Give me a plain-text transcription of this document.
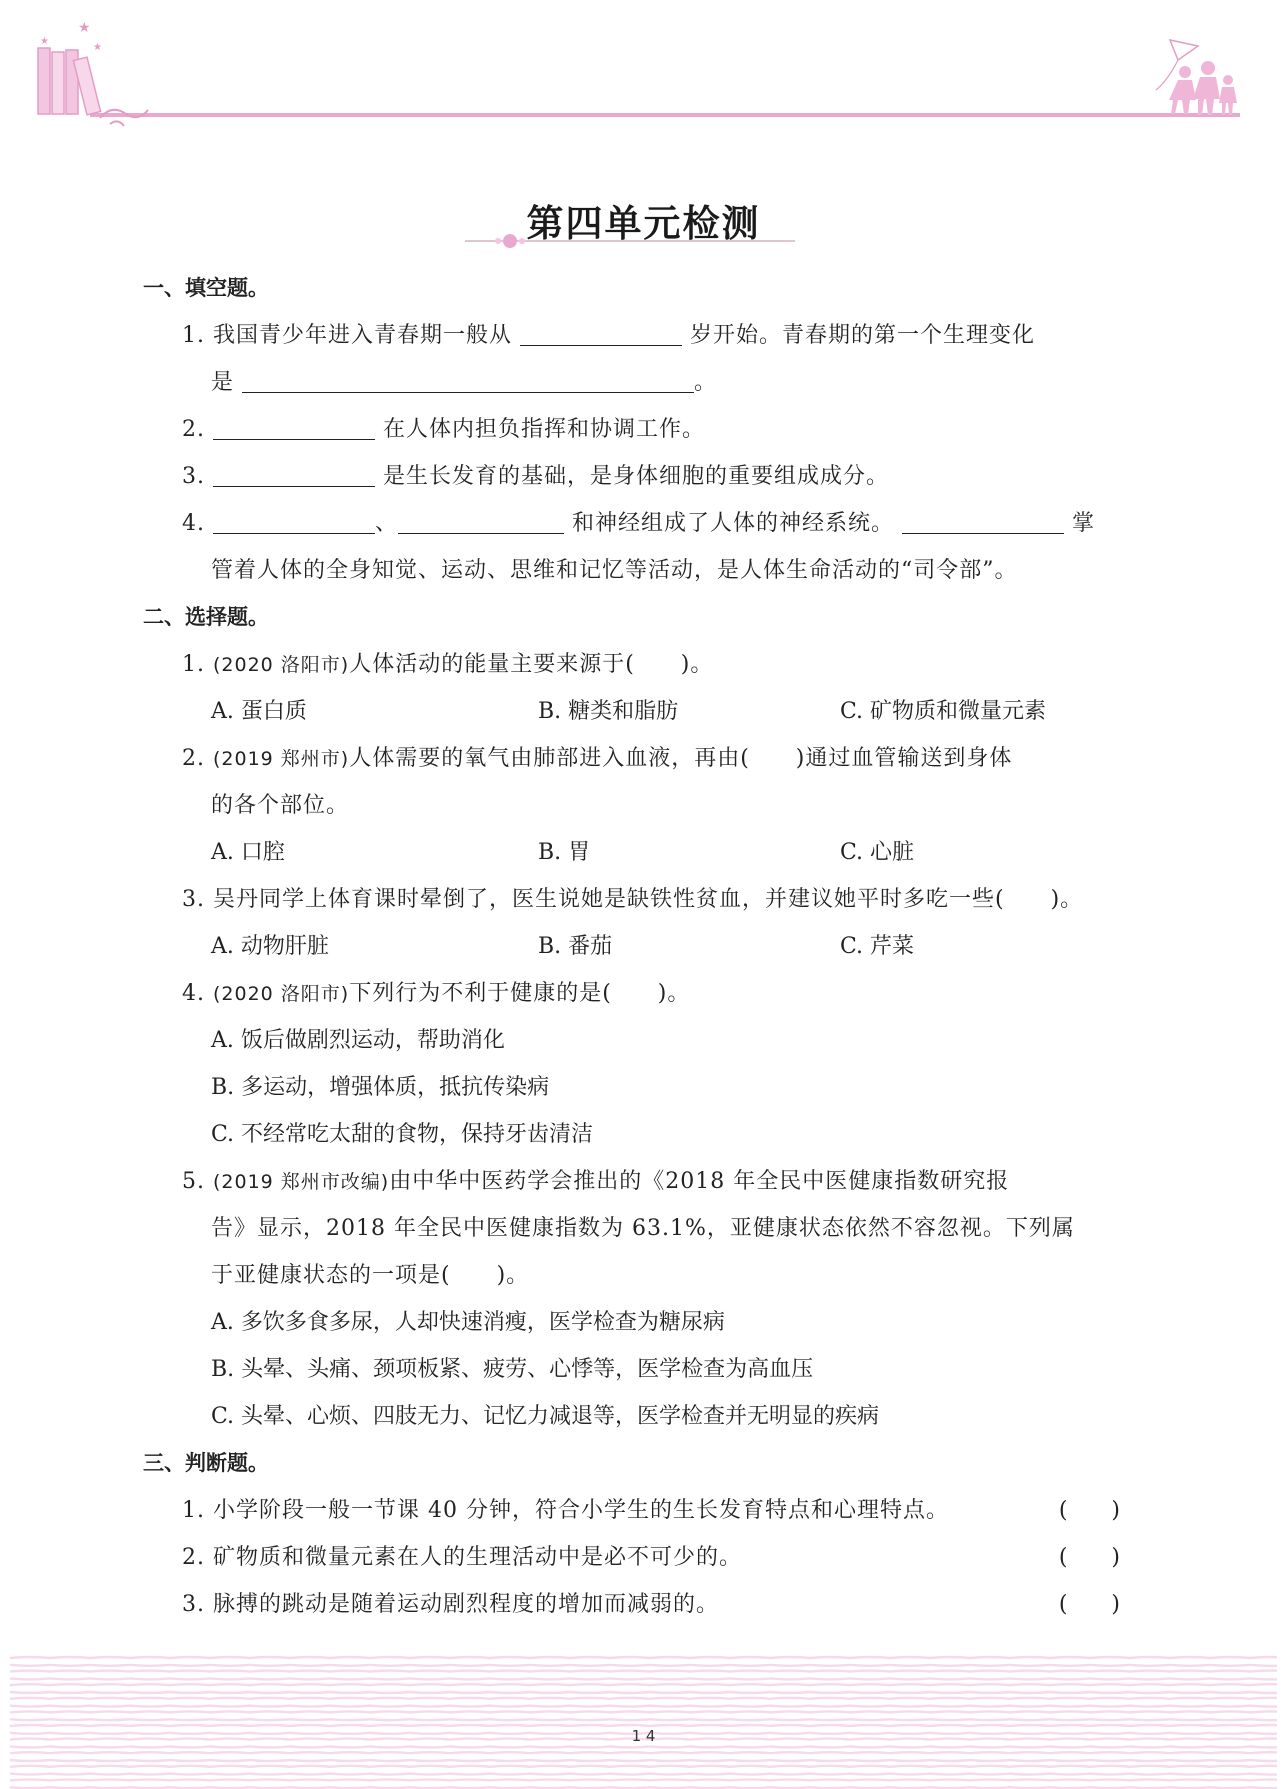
★
★
★
第四单元检测
一、填空题。
1. 我国青少年进入青春期一般从	岁开始。青春期的第一个生理变化
是	。
2.	在人体内担负指挥和协调工作。
3.	是生长发育的基础，是身体细胞的重要组成成分。
4.	、	和神经组成了人体的神经系统。	掌
管着人体的全身知觉、运动、思维和记忆等活动，是人体生命活动的“司令部”。
二、选择题。
1. (2020 洛阳市)人体活动的能量主要来源于(　　)。
A. 蛋白质	B. 糖类和脂肪	C. 矿物质和微量元素
2. (2019 郑州市)人体需要的氧气由肺部进入血液，再由(　　)通过血管输送到身体
的各个部位。
A. 口腔	B. 胃	C. 心脏
3. 吴丹同学上体育课时晕倒了，医生说她是缺铁性贫血，并建议她平时多吃一些(　　)。
A. 动物肝脏	B. 番茄	C. 芹菜
4. (2020 洛阳市)下列行为不利于健康的是(　　)。
A. 饭后做剧烈运动，帮助消化
B. 多运动，增强体质，抵抗传染病
C. 不经常吃太甜的食物，保持牙齿清洁
5. (2019 郑州市改编)由中华中医药学会推出的《2018 年全民中医健康指数研究报
告》显示，2018 年全民中医健康指数为 63.1%，亚健康状态依然不容忽视。下列属
于亚健康状态的一项是(　　)。
A. 多饮多食多尿，人却快速消瘦，医学检查为糖尿病
B. 头晕、头痛、颈项板紧、疲劳、心悸等，医学检查为高血压
C. 头晕、心烦、四肢无力、记忆力减退等，医学检查并无明显的疾病
三、判断题。
1. 小学阶段一般一节课 40 分钟，符合小学生的生长发育特点和心理特点。	(　　)
2. 矿物质和微量元素在人的生理活动中是必不可少的。	(　　)
3. 脉搏的跳动是随着运动剧烈程度的增加而减弱的。	(　　)
1 4
